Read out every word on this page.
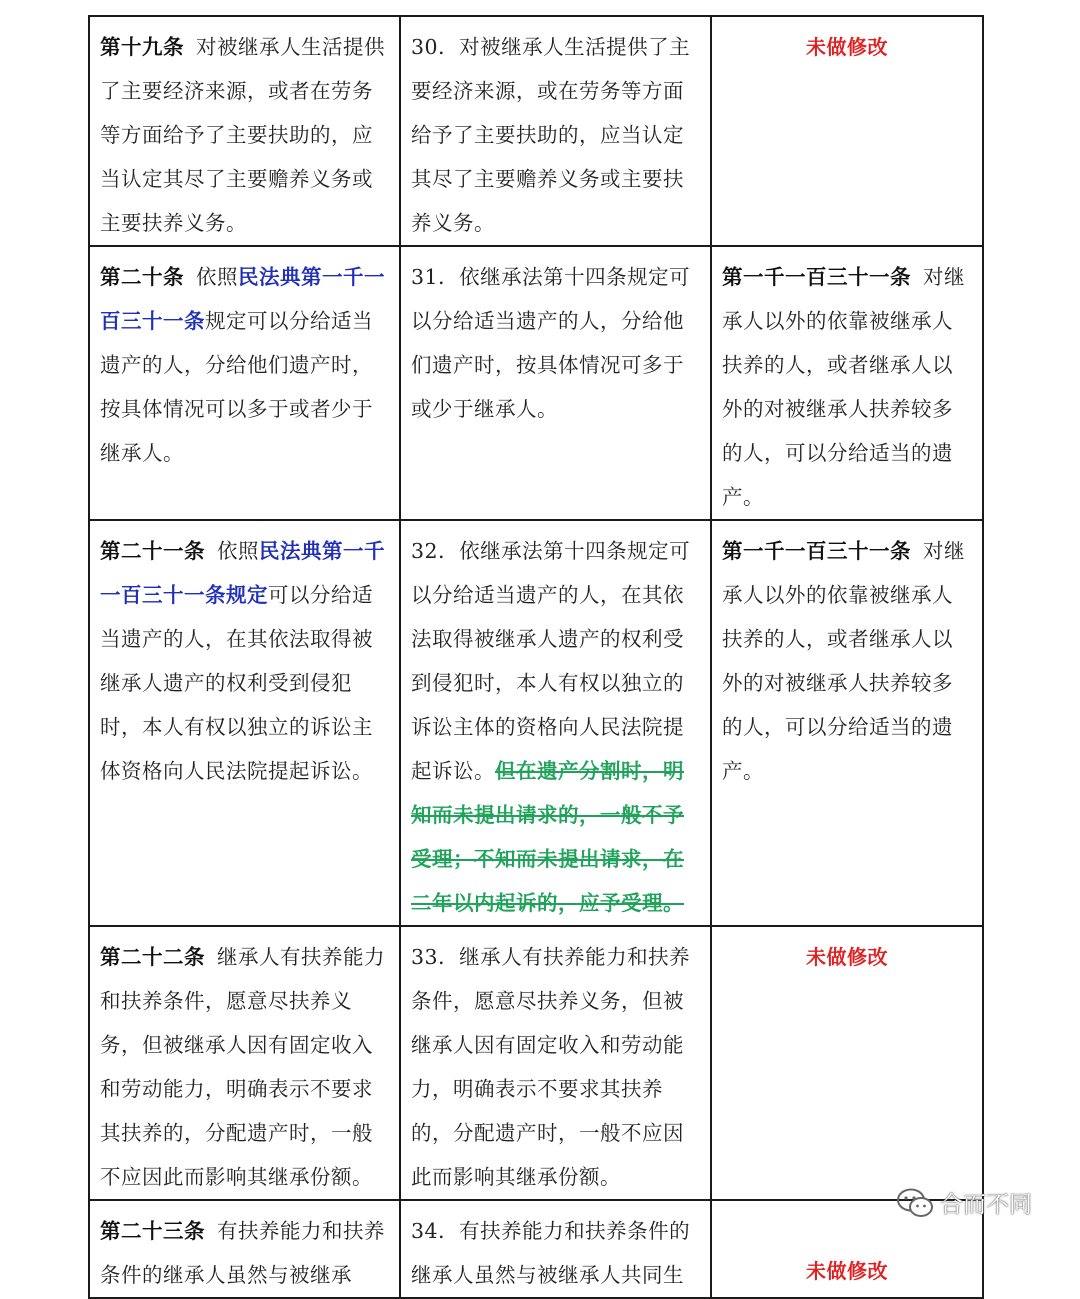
第十九条 对被继承人生活提供了主要经济来源，或者在劳务等方面给予了主要扶助的，应当认定其尽了主要赡养义务或主要扶养义务。	30．对被继承人生活提供了主要经济来源，或在劳务等方面给予了主要扶助的，应当认定其尽了主要赡养义务或主要扶养义务。	未做修改
第二十条 依照民法典第一千一百三十一条规定可以分给适当遗产的人，分给他们遗产时，按具体情况可以多于或者少于继承人。	31．依继承法第十四条规定可以分给适当遗产的人，分给他们遗产时，按具体情况可多于或少于继承人。	第一千一百三十一条 对继承人以外的依靠被继承人扶养的人，或者继承人以外的对被继承人扶养较多的人，可以分给适当的遗产。
第二十一条 依照民法典第一千一百三十一条规定可以分给适当遗产的人，在其依法取得被继承人遗产的权利受到侵犯时，本人有权以独立的诉讼主体资格向人民法院提起诉讼。	32．依继承法第十四条规定可以分给适当遗产的人，在其依法取得被继承人遗产的权利受到侵犯时，本人有权以独立的诉讼主体的资格向人民法院提起诉讼。但在遗产分割时，明知而未提出请求的，一般不予受理；不知而未提出请求，在二年以内起诉的，应予受理。	第一千一百三十一条 对继承人以外的依靠被继承人扶养的人，或者继承人以外的对被继承人扶养较多的人，可以分给适当的遗产。
第二十二条 继承人有扶养能力和扶养条件，愿意尽扶养义务，但被继承人因有固定收入和劳动能力，明确表示不要求其扶养的，分配遗产时，一般不应因此而影响其继承份额。	33．继承人有扶养能力和扶养条件，愿意尽扶养义务，但被继承人因有固定收入和劳动能力，明确表示不要求其扶养的，分配遗产时，一般不应因此而影响其继承份额。	未做修改
第二十三条 有扶养能力和扶养条件的继承人虽然与被继承	34．有扶养能力和扶养条件的继承人虽然与被继承人共同生	未做修改
合而不同
